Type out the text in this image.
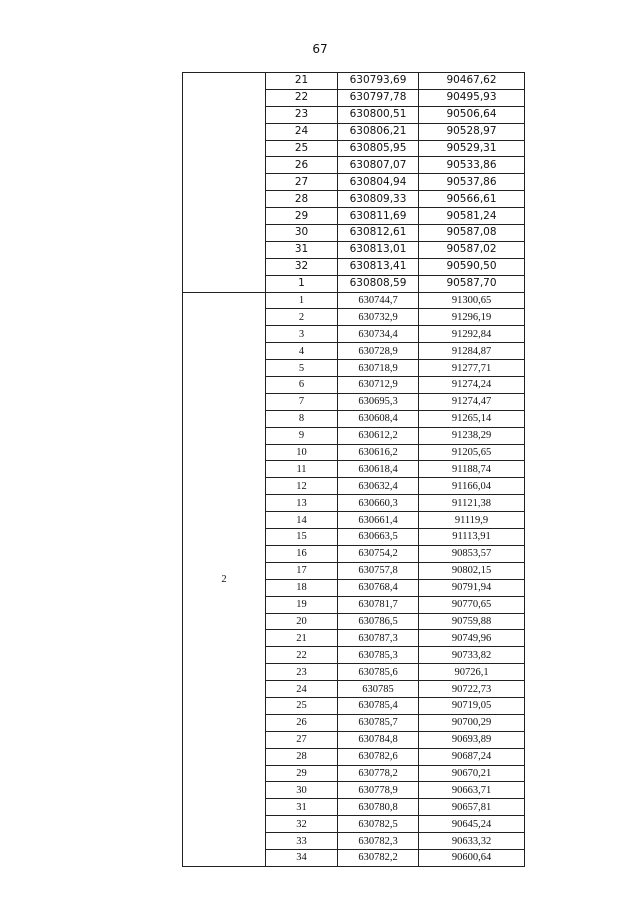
67
	21	630793,69	90467,62
	22	630797,78	90495,93
	23	630800,51	90506,64
	24	630806,21	90528,97
	25	630805,95	90529,31
	26	630807,07	90533,86
	27	630804,94	90537,86
	28	630809,33	90566,61
	29	630811,69	90581,24
	30	630812,61	90587,08
	31	630813,01	90587,02
	32	630813,41	90590,50
	1	630808,59	90587,70
2	1	630744,7	91300,65
	2	630732,9	91296,19
	3	630734,4	91292,84
	4	630728,9	91284,87
	5	630718,9	91277,71
	6	630712,9	91274,24
	7	630695,3	91274,47
	8	630608,4	91265,14
	9	630612,2	91238,29
	10	630616,2	91205,65
	11	630618,4	91188,74
	12	630632,4	91166,04
	13	630660,3	91121,38
	14	630661,4	91119,9
	15	630663,5	91113,91
	16	630754,2	90853,57
	17	630757,8	90802,15
	18	630768,4	90791,94
	19	630781,7	90770,65
	20	630786,5	90759,88
	21	630787,3	90749,96
	22	630785,3	90733,82
	23	630785,6	90726,1
	24	630785	90722,73
	25	630785,4	90719,05
	26	630785,7	90700,29
	27	630784,8	90693,89
	28	630782,6	90687,24
	29	630778,2	90670,21
	30	630778,9	90663,71
	31	630780,8	90657,81
	32	630782,5	90645,24
	33	630782,3	90633,32
	34	630782,2	90600,64
